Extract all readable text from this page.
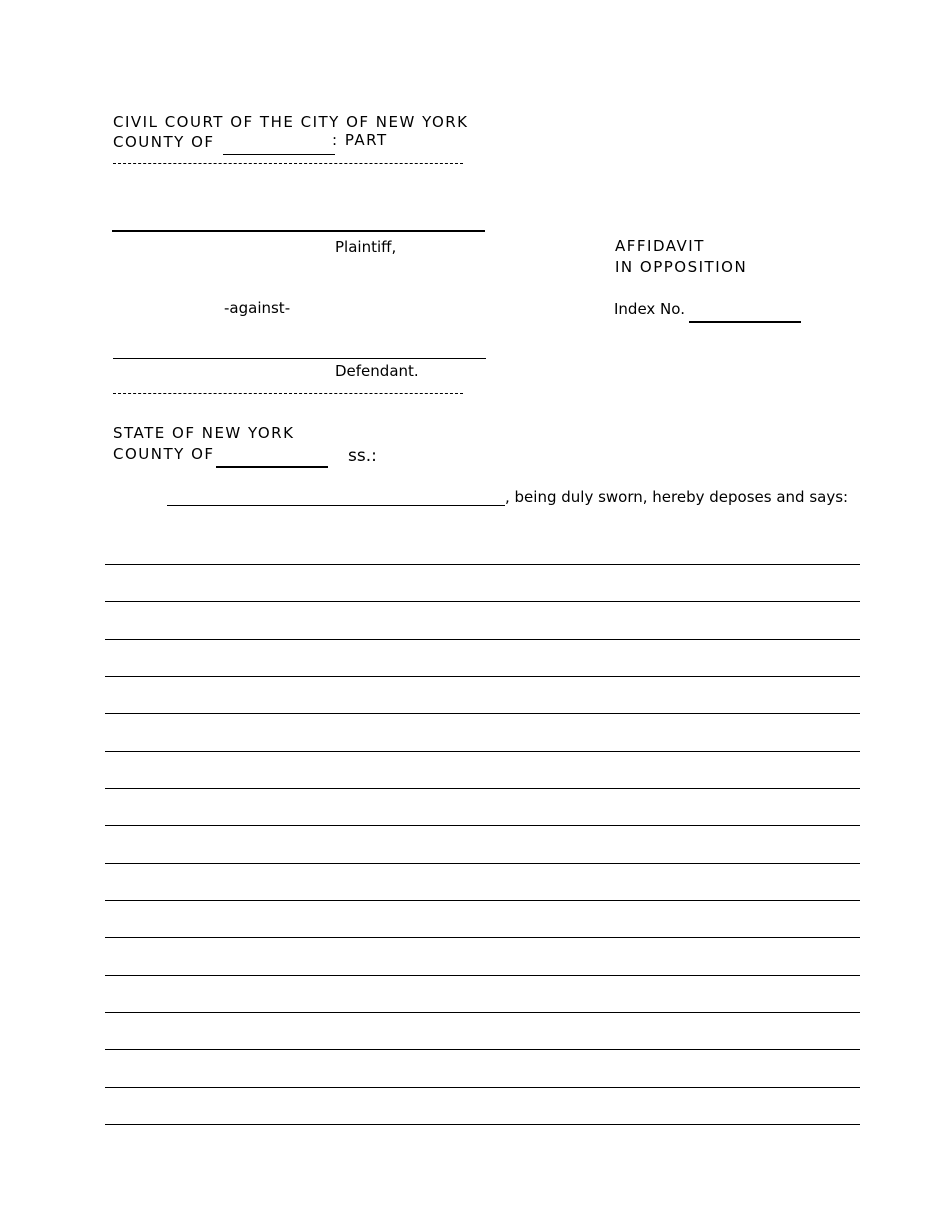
CIVIL COURT OF THE CITY OF NEW YORK
COUNTY OF	: PART
Plaintiff,
-against-
Defendant.
AFFIDAVIT
IN OPPOSITION
Index No.
STATE OF NEW YORK
COUNTY OF	ss.:
, being duly sworn, hereby deposes and says:
